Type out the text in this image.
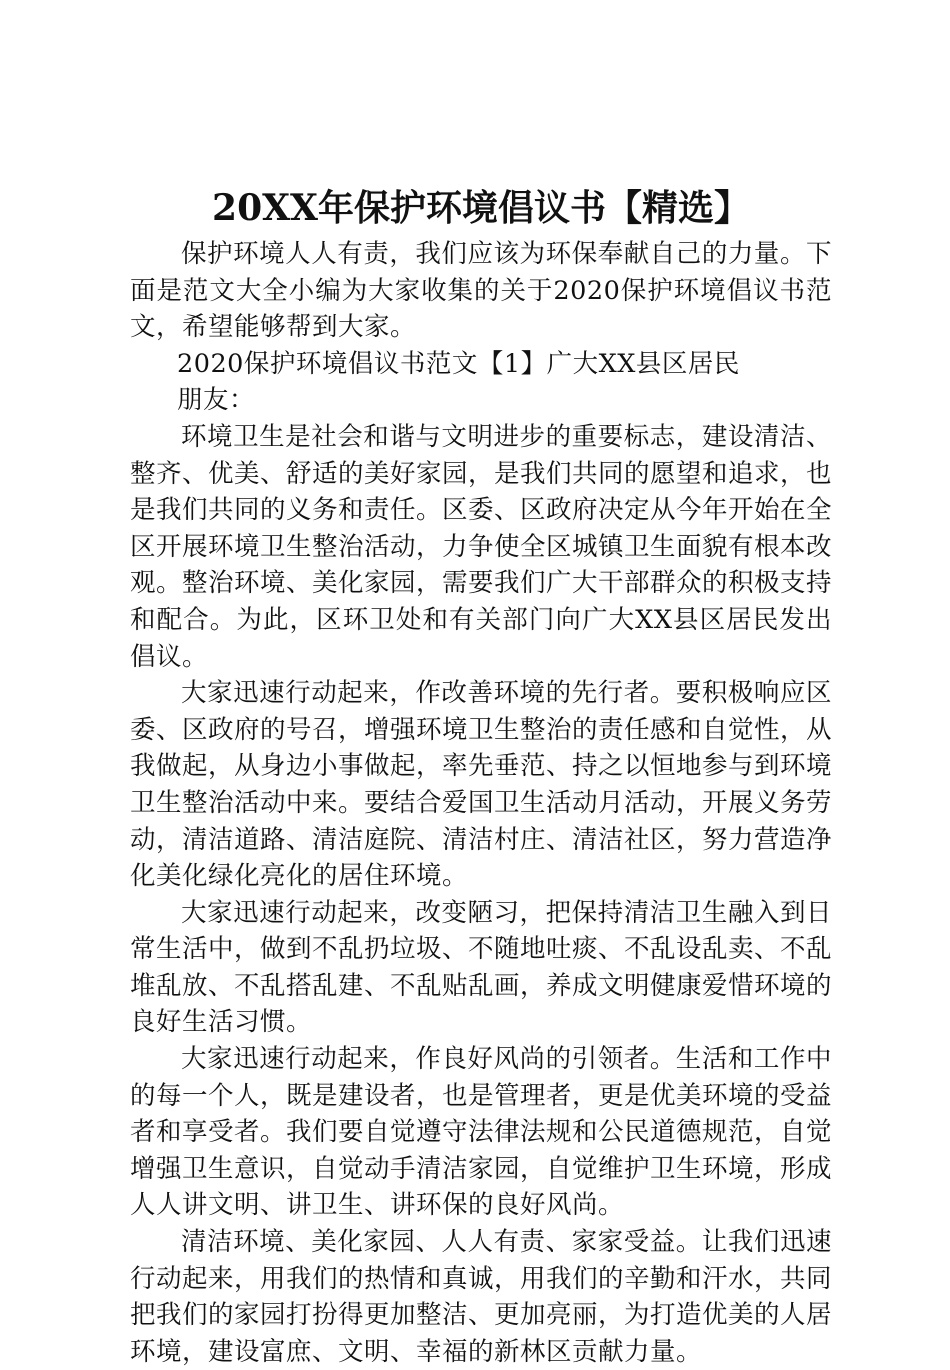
20XX年保护环境倡议书【精选】

保护环境人人有责，我们应该为环保奉献自己的力量。下面是范文大全小编为大家收集的关于2020保护环境倡议书范文，希望能够帮到大家。

2020保护环境倡议书范文【1】广大XX县区居民

朋友：

环境卫生是社会和谐与文明进步的重要标志，建设清洁、整齐、优美、舒适的美好家园，是我们共同的愿望和追求，也是我们共同的义务和责任。区委、区政府决定从今年开始在全区开展环境卫生整治活动，力争使全区城镇卫生面貌有根本改观。整治环境、美化家园，需要我们广大干部群众的积极支持和配合。为此，区环卫处和有关部门向广大XX县区居民发出倡议。

大家迅速行动起来，作改善环境的先行者。要积极响应区委、区政府的号召，增强环境卫生整治的责任感和自觉性，从我做起，从身边小事做起，率先垂范、持之以恒地参与到环境卫生整治活动中来。要结合爱国卫生活动月活动，开展义务劳动，清洁道路、清洁庭院、清洁村庄、清洁社区，努力营造净化美化绿化亮化的居住环境。

大家迅速行动起来，改变陋习，把保持清洁卫生融入到日常生活中，做到不乱扔垃圾、不随地吐痰、不乱设乱卖、不乱堆乱放、不乱搭乱建、不乱贴乱画，养成文明健康爱惜环境的良好生活习惯。

大家迅速行动起来，作良好风尚的引领者。生活和工作中的每一个人，既是建设者，也是管理者，更是优美环境的受益者和享受者。我们要自觉遵守法律法规和公民道德规范，自觉增强卫生意识，自觉动手清洁家园，自觉维护卫生环境，形成人人讲文明、讲卫生、讲环保的良好风尚。

清洁环境、美化家园、人人有责、家家受益。让我们迅速行动起来，用我们的热情和真诚，用我们的辛勤和汗水，共同把我们的家园打扮得更加整洁、更加亮丽，为打造优美的人居环境，建设富庶、文明、幸福的新林区贡献力量。
